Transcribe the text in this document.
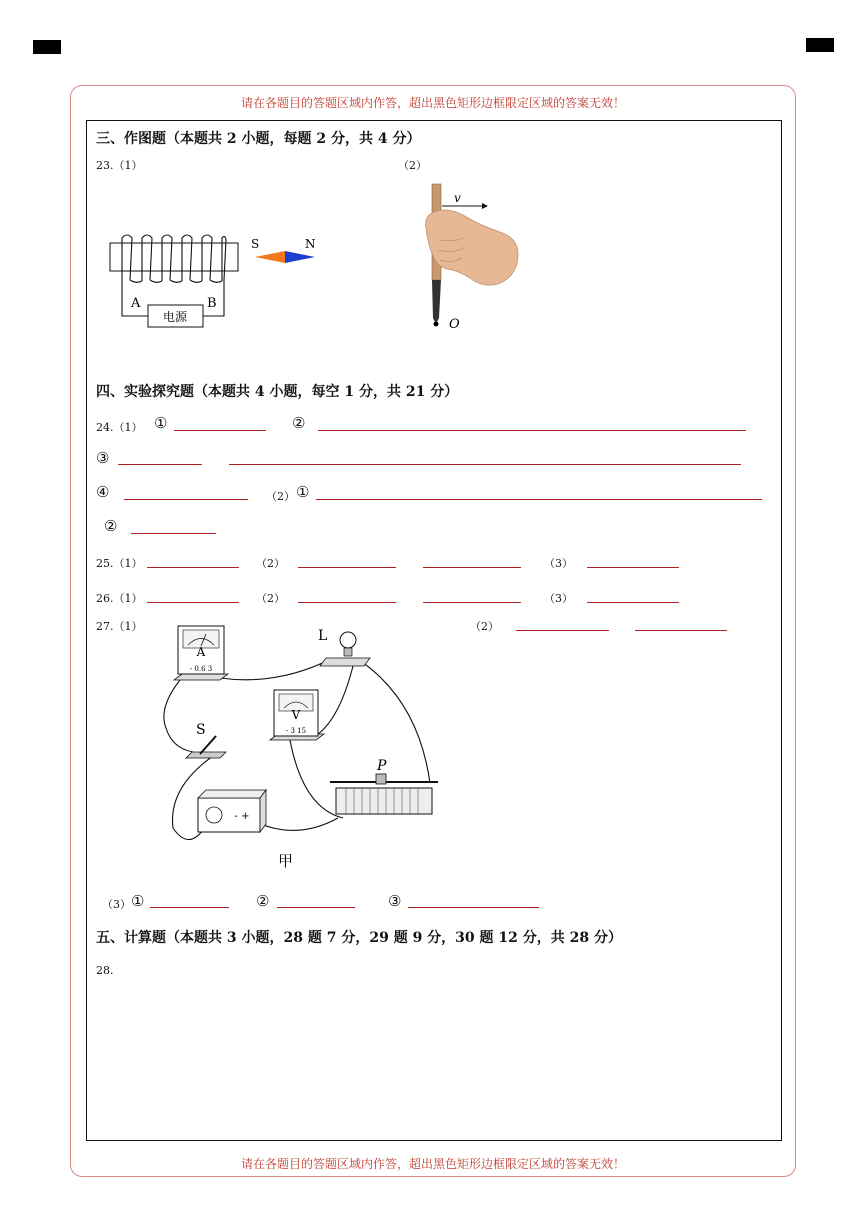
请在各题目的答题区域内作答，超出黑色矩形边框限定区域的答案无效！
请在各题目的答题区域内作答，超出黑色矩形边框限定区域的答案无效！
三、作图题（本题共 2 小题，每题 2 分，共 4 分）
23.（1）	（2）
电源
A	B
S	N
v
O
四、实验探究题（本题共 4 小题，每空 1 分，共 21 分）
24.（1） ①	②
③
④	（2） ①
②
25.（1）	（2）	（3）
26.（1）	（2）	（3）
27.（1）	（2）
A
- 0.6 3
L
V
- 3 15
S
- +
P
甲
（3） ①	②	③
五、计算题（本题共 3 小题，28 题 7 分，29 题 9 分，30 题 12 分，共 28 分）
28.
